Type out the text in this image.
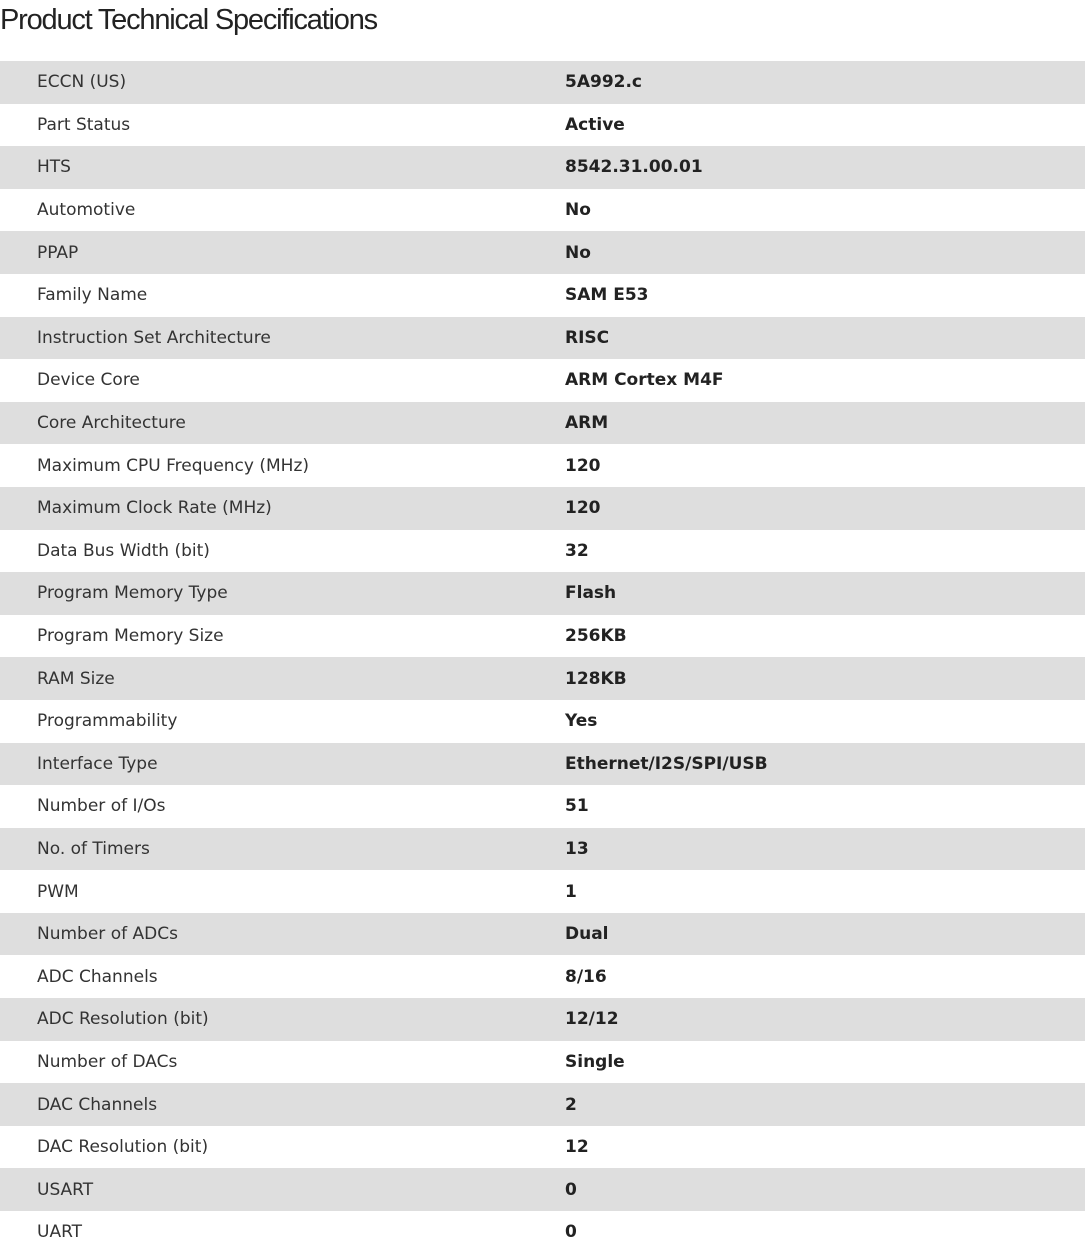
Product Technical Specifications
ECCN (US)	5A992.c
Part Status	Active
HTS	8542.31.00.01
Automotive	No
PPAP	No
Family Name	SAM E53
Instruction Set Architecture	RISC
Device Core	ARM Cortex M4F
Core Architecture	ARM
Maximum CPU Frequency (MHz)	120
Maximum Clock Rate (MHz)	120
Data Bus Width (bit)	32
Program Memory Type	Flash
Program Memory Size	256KB
RAM Size	128KB
Programmability	Yes
Interface Type	Ethernet/I2S/SPI/USB
Number of I/Os	51
No. of Timers	13
PWM	1
Number of ADCs	Dual
ADC Channels	8/16
ADC Resolution (bit)	12/12
Number of DACs	Single
DAC Channels	2
DAC Resolution (bit)	12
USART	0
UART	0
